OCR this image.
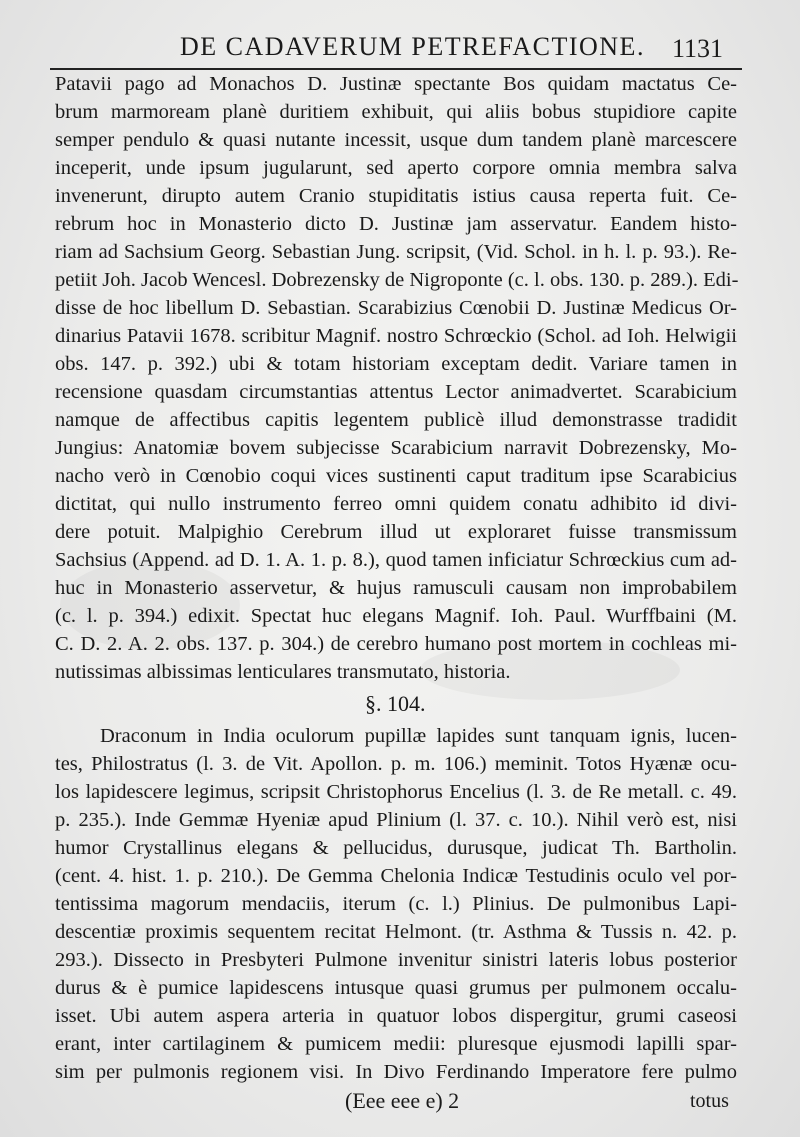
DE CADAVERUM PETREFACTIONE. 1131
Patavii pago ad Monachos D. Justinæ spectante Bos quidam mactatus Ce-
brum marmoream planè duritiem exhibuit, qui aliis bobus stupidiore capite
semper pendulo & quasi nutante incessit, usque dum tandem planè marcescere
inceperit, unde ipsum jugularunt, sed aperto corpore omnia membra salva
invenerunt, dirupto autem Cranio stupiditatis istius causa reperta fuit. Ce-
rebrum hoc in Monasterio dicto D. Justinæ jam asservatur. Eandem histo-
riam ad Sachsium Georg. Sebastian Jung. scripsit, (Vid. Schol. in h. l. p. 93.). Re-
petiit Joh. Jacob Wencesl. Dobrezensky de Nigroponte (c. l. obs. 130. p. 289.). Edi-
disse de hoc libellum D. Sebastian. Scarabizius Cœnobii D. Justinæ Medicus Or-
dinarius Patavii 1678. scribitur Magnif. nostro Schrœckio (Schol. ad Ioh. Helwigii
obs. 147. p. 392.) ubi & totam historiam exceptam dedit. Variare tamen in
recensione quasdam circumstantias attentus Lector animadvertet. Scarabicium
namque de affectibus capitis legentem publicè illud demonstrasse tradidit
Jungius: Anatomiæ bovem subjecisse Scarabicium narravit Dobrezensky, Mo-
nacho verò in Cœnobio coqui vices sustinenti caput traditum ipse Scarabicius
dictitat, qui nullo instrumento ferreo omni quidem conatu adhibito id divi-
dere potuit. Malpighio Cerebrum illud ut exploraret fuisse transmissum
Sachsius (Append. ad D. 1. A. 1. p. 8.), quod tamen inficiatur Schrœckius cum ad-
huc in Monasterio asservetur, & hujus ramusculi causam non improbabilem
(c. l. p. 394.) edixit. Spectat huc elegans Magnif. Ioh. Paul. Wurffbaini (M.
C. D. 2. A. 2. obs. 137. p. 304.) de cerebro humano post mortem in cochleas mi-
nutissimas albissimas lenticulares transmutato, historia.
§. 104.
Draconum in India oculorum pupillæ lapides sunt tanquam ignis, lucen-
tes, Philostratus (l. 3. de Vit. Apollon. p. m. 106.) meminit. Totos Hyænæ ocu-
los lapidescere legimus, scripsit Christophorus Encelius (l. 3. de Re metall. c. 49.
p. 235.). Inde Gemmæ Hyeniæ apud Plinium (l. 37. c. 10.). Nihil verò est, nisi
humor Crystallinus elegans & pellucidus, durusque, judicat Th. Bartholin.
(cent. 4. hist. 1. p. 210.). De Gemma Chelonia Indicæ Testudinis oculo vel por-
tentissima magorum mendaciis, iterum (c. l.) Plinius. De pulmonibus Lapi-
descentiæ proximis sequentem recitat Helmont. (tr. Asthma & Tussis n. 42. p.
293.). Dissecto in Presbyteri Pulmone invenitur sinistri lateris lobus posterior
durus & è pumice lapidescens intusque quasi grumus per pulmonem occalu-
isset. Ubi autem aspera arteria in quatuor lobos dispergitur, grumi caseosi
erant, inter cartilaginem & pumicem medii: pluresque ejusmodi lapilli spar-
sim per pulmonis regionem visi. In Divo Ferdinando Imperatore fere pulmo
(Eee eee e) 2	totus
